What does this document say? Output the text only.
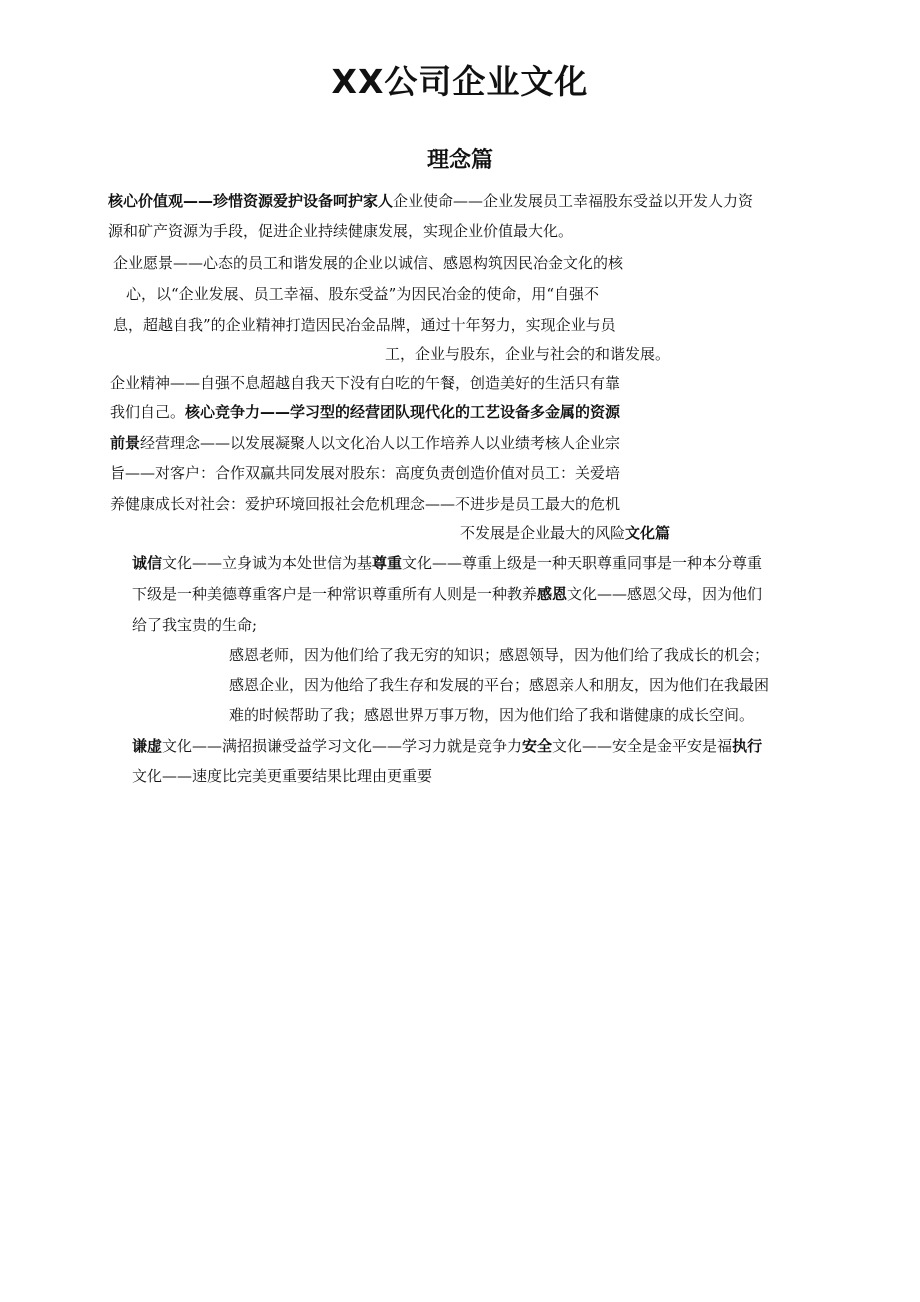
XX公司企业文化
理念篇
核心价值观——珍惜资源爱护设备呵护家人企业使命——企业发展员工幸福股东受益以开发人力资
源和矿产资源为手段，促进企业持续健康发展，实现企业价值最大化。
企业愿景——心态的员工和谐发展的企业以诚信、感恩构筑因民冶金文化的核
心，以“企业发展、员工幸福、股东受益”为因民冶金的使命，用“自强不
息，超越自我”的企业精神打造因民冶金品牌，通过十年努力，实现企业与员
工，企业与股东，企业与社会的和谐发展。
企业精神——自强不息超越自我天下没有白吃的午餐，创造美好的生活只有靠
我们自己。核心竞争力——学习型的经营团队现代化的工艺设备多金属的资源
前景经营理念——以发展凝聚人以文化冶人以工作培养人以业绩考核人企业宗
旨——对客户：合作双赢共同发展对股东：高度负责创造价值对员工：关爱培
养健康成长对社会：爱护环境回报社会危机理念——不进步是员工最大的危机
不发展是企业最大的风险文化篇
诚信文化——立身诚为本处世信为基尊重文化——尊重上级是一种天职尊重同事是一种本分尊重
下级是一种美德尊重客户是一种常识尊重所有人则是一种教养感恩文化——感恩父母，因为他们
给了我宝贵的生命;
感恩老师，因为他们给了我无穷的知识；感恩领导，因为他们给了我成长的机会；
感恩企业，因为他给了我生存和发展的平台；感恩亲人和朋友，因为他们在我最困
难的时候帮助了我；感恩世界万事万物，因为他们给了我和谐健康的成长空间。
谦虚文化——满招损谦受益学习文化——学习力就是竞争力安全文化——安全是金平安是福执行
文化——速度比完美更重要结果比理由更重要
